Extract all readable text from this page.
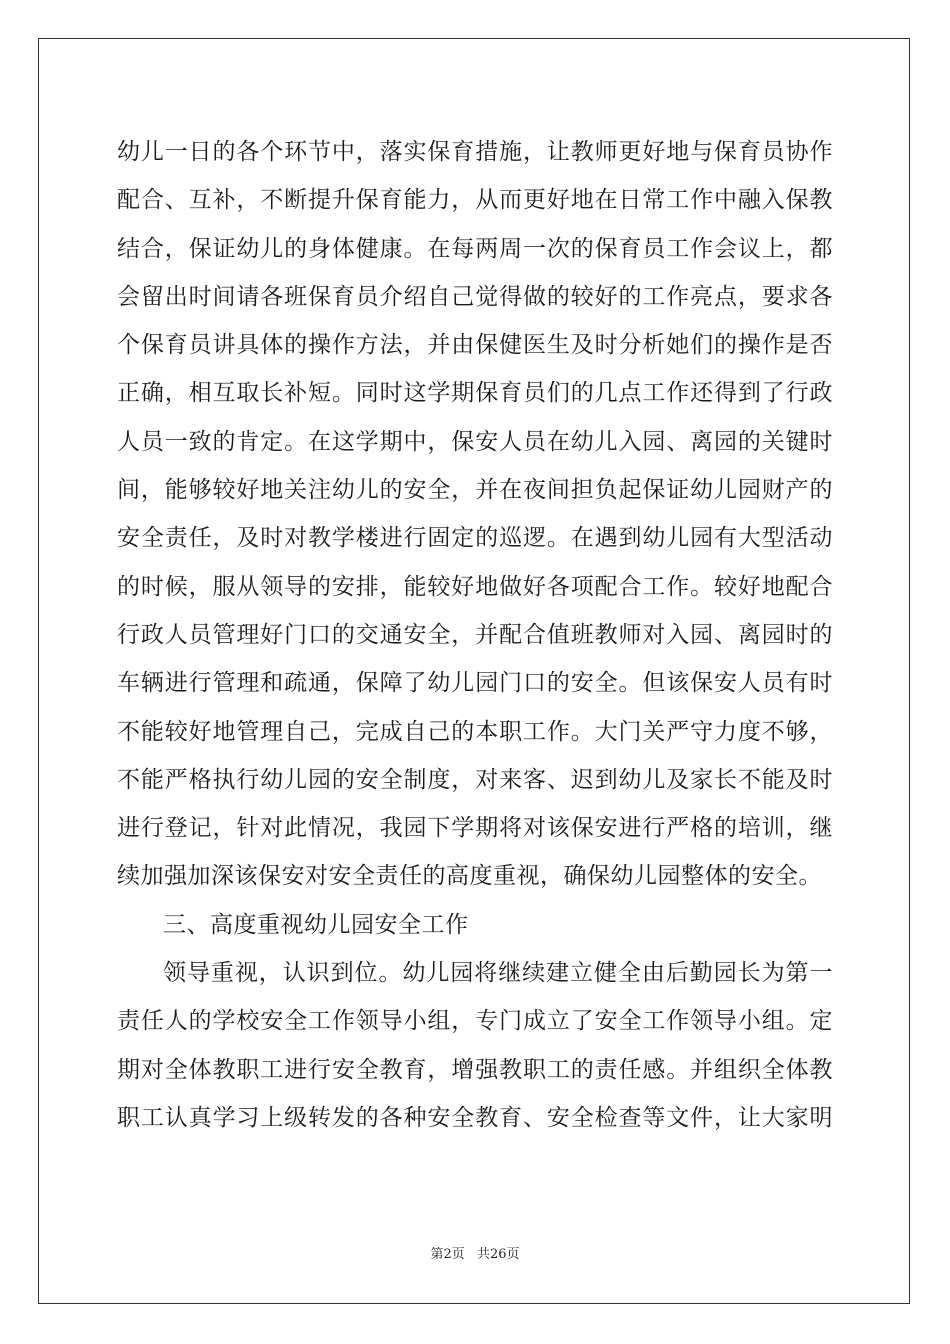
幼儿一日的各个环节中，落实保育措施，让教师更好地与保育员协作
配合、互补，不断提升保育能力，从而更好地在日常工作中融入保教
结合，保证幼儿的身体健康。在每两周一次的保育员工作会议上，都
会留出时间请各班保育员介绍自己觉得做的较好的工作亮点，要求各
个保育员讲具体的操作方法，并由保健医生及时分析她们的操作是否
正确，相互取长补短。同时这学期保育员们的几点工作还得到了行政
人员一致的肯定。在这学期中，保安人员在幼儿入园、离园的关键时
间，能够较好地关注幼儿的安全，并在夜间担负起保证幼儿园财产的
安全责任，及时对教学楼进行固定的巡逻。在遇到幼儿园有大型活动
的时候，服从领导的安排，能较好地做好各项配合工作。较好地配合
行政人员管理好门口的交通安全，并配合值班教师对入园、离园时的
车辆进行管理和疏通，保障了幼儿园门口的安全。但该保安人员有时
不能较好地管理自己，完成自己的本职工作。大门关严守力度不够，
不能严格执行幼儿园的安全制度，对来客、迟到幼儿及家长不能及时
进行登记，针对此情况，我园下学期将对该保安进行严格的培训，继
续加强加深该保安对安全责任的高度重视，确保幼儿园整体的安全。
三、高度重视幼儿园安全工作
领导重视，认识到位。幼儿园将继续建立健全由后勤园长为第一
责任人的学校安全工作领导小组，专门成立了安全工作领导小组。定
期对全体教职工进行安全教育，增强教职工的责任感。并组织全体教
职工认真学习上级转发的各种安全教育、安全检查等文件，让大家明
第2页 共26页
